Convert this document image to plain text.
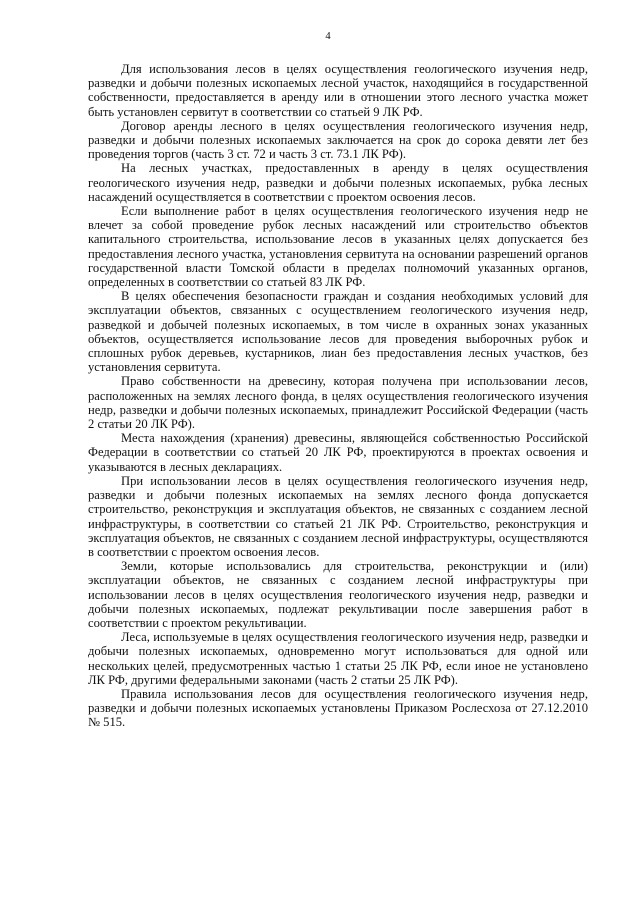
4

Для использования лесов в целях осуществления геологического изучения недр, разведки и добычи полезных ископаемых лесной участок, находящийся в государственной собственности, предоставляется в аренду или в отношении этого лесного участка может быть установлен сервитут в соответствии со статьей 9 ЛК РФ.

Договор аренды лесного в целях осуществления геологического изучения недр, разведки и добычи полезных ископаемых заключается на срок до сорока девяти лет без проведения торгов (часть 3 ст. 72 и часть 3 ст. 73.1 ЛК РФ).

На лесных участках, предоставленных в аренду в целях осуществления геологического изучения недр, разведки и добычи полезных ископаемых, рубка лесных насаждений осуществляется в соответствии с проектом освоения лесов.

Если выполнение работ в целях осуществления геологического изучения недр не влечет за собой проведение рубок лесных насаждений или строительство объектов капитального строительства, использование лесов в указанных целях допускается без предоставления лесного участка, установления сервитута на основании разрешений органов государственной власти Томской области в пределах полномочий указанных органов, определенных в соответствии со статьей 83 ЛК РФ.

В целях обеспечения безопасности граждан и создания необходимых условий для эксплуатации объектов, связанных с осуществлением геологического изучения недр, разведкой и добычей полезных ископаемых, в том числе в охранных зонах указанных объектов, осуществляется использование лесов для проведения выборочных рубок и сплошных рубок деревьев, кустарников, лиан без предоставления лесных участков, без установления сервитута.

Право собственности на древесину, которая получена при использовании лесов, расположенных на землях лесного фонда, в целях осуществления геологического изучения недр, разведки и добычи полезных ископаемых, принадлежит Российской Федерации (часть 2 статьи 20 ЛК РФ).

Места нахождения (хранения) древесины, являющейся собственностью Российской Федерации в соответствии со статьей 20 ЛК РФ, проектируются в проектах освоения и указываются в лесных декларациях.

При использовании лесов в целях осуществления геологического изучения недр, разведки и добычи полезных ископаемых на землях лесного фонда допускается строительство, реконструкция и эксплуатация объектов, не связанных с созданием лесной инфраструктуры, в соответствии со статьей 21 ЛК РФ. Строительство, реконструкция и эксплуатация объектов, не связанных с созданием лесной инфраструктуры, осуществляются в соответствии с проектом освоения лесов.

Земли, которые использовались для строительства, реконструкции и (или) эксплуатации объектов, не связанных с созданием лесной инфраструктуры при использовании лесов в целях осуществления геологического изучения недр, разведки и добычи полезных ископаемых, подлежат рекультивации после завершения работ в соответствии с проектом рекультивации.

Леса, используемые в целях осуществления геологического изучения недр, разведки и добычи полезных ископаемых, одновременно могут использоваться для одной или нескольких целей, предусмотренных частью 1 статьи 25 ЛК РФ, если иное не установлено ЛК РФ, другими федеральными законами (часть 2 статьи 25 ЛК РФ).

Правила использования лесов для осуществления геологического изучения недр, разведки и добычи полезных ископаемых установлены Приказом Рослесхоза от 27.12.2010 № 515.
